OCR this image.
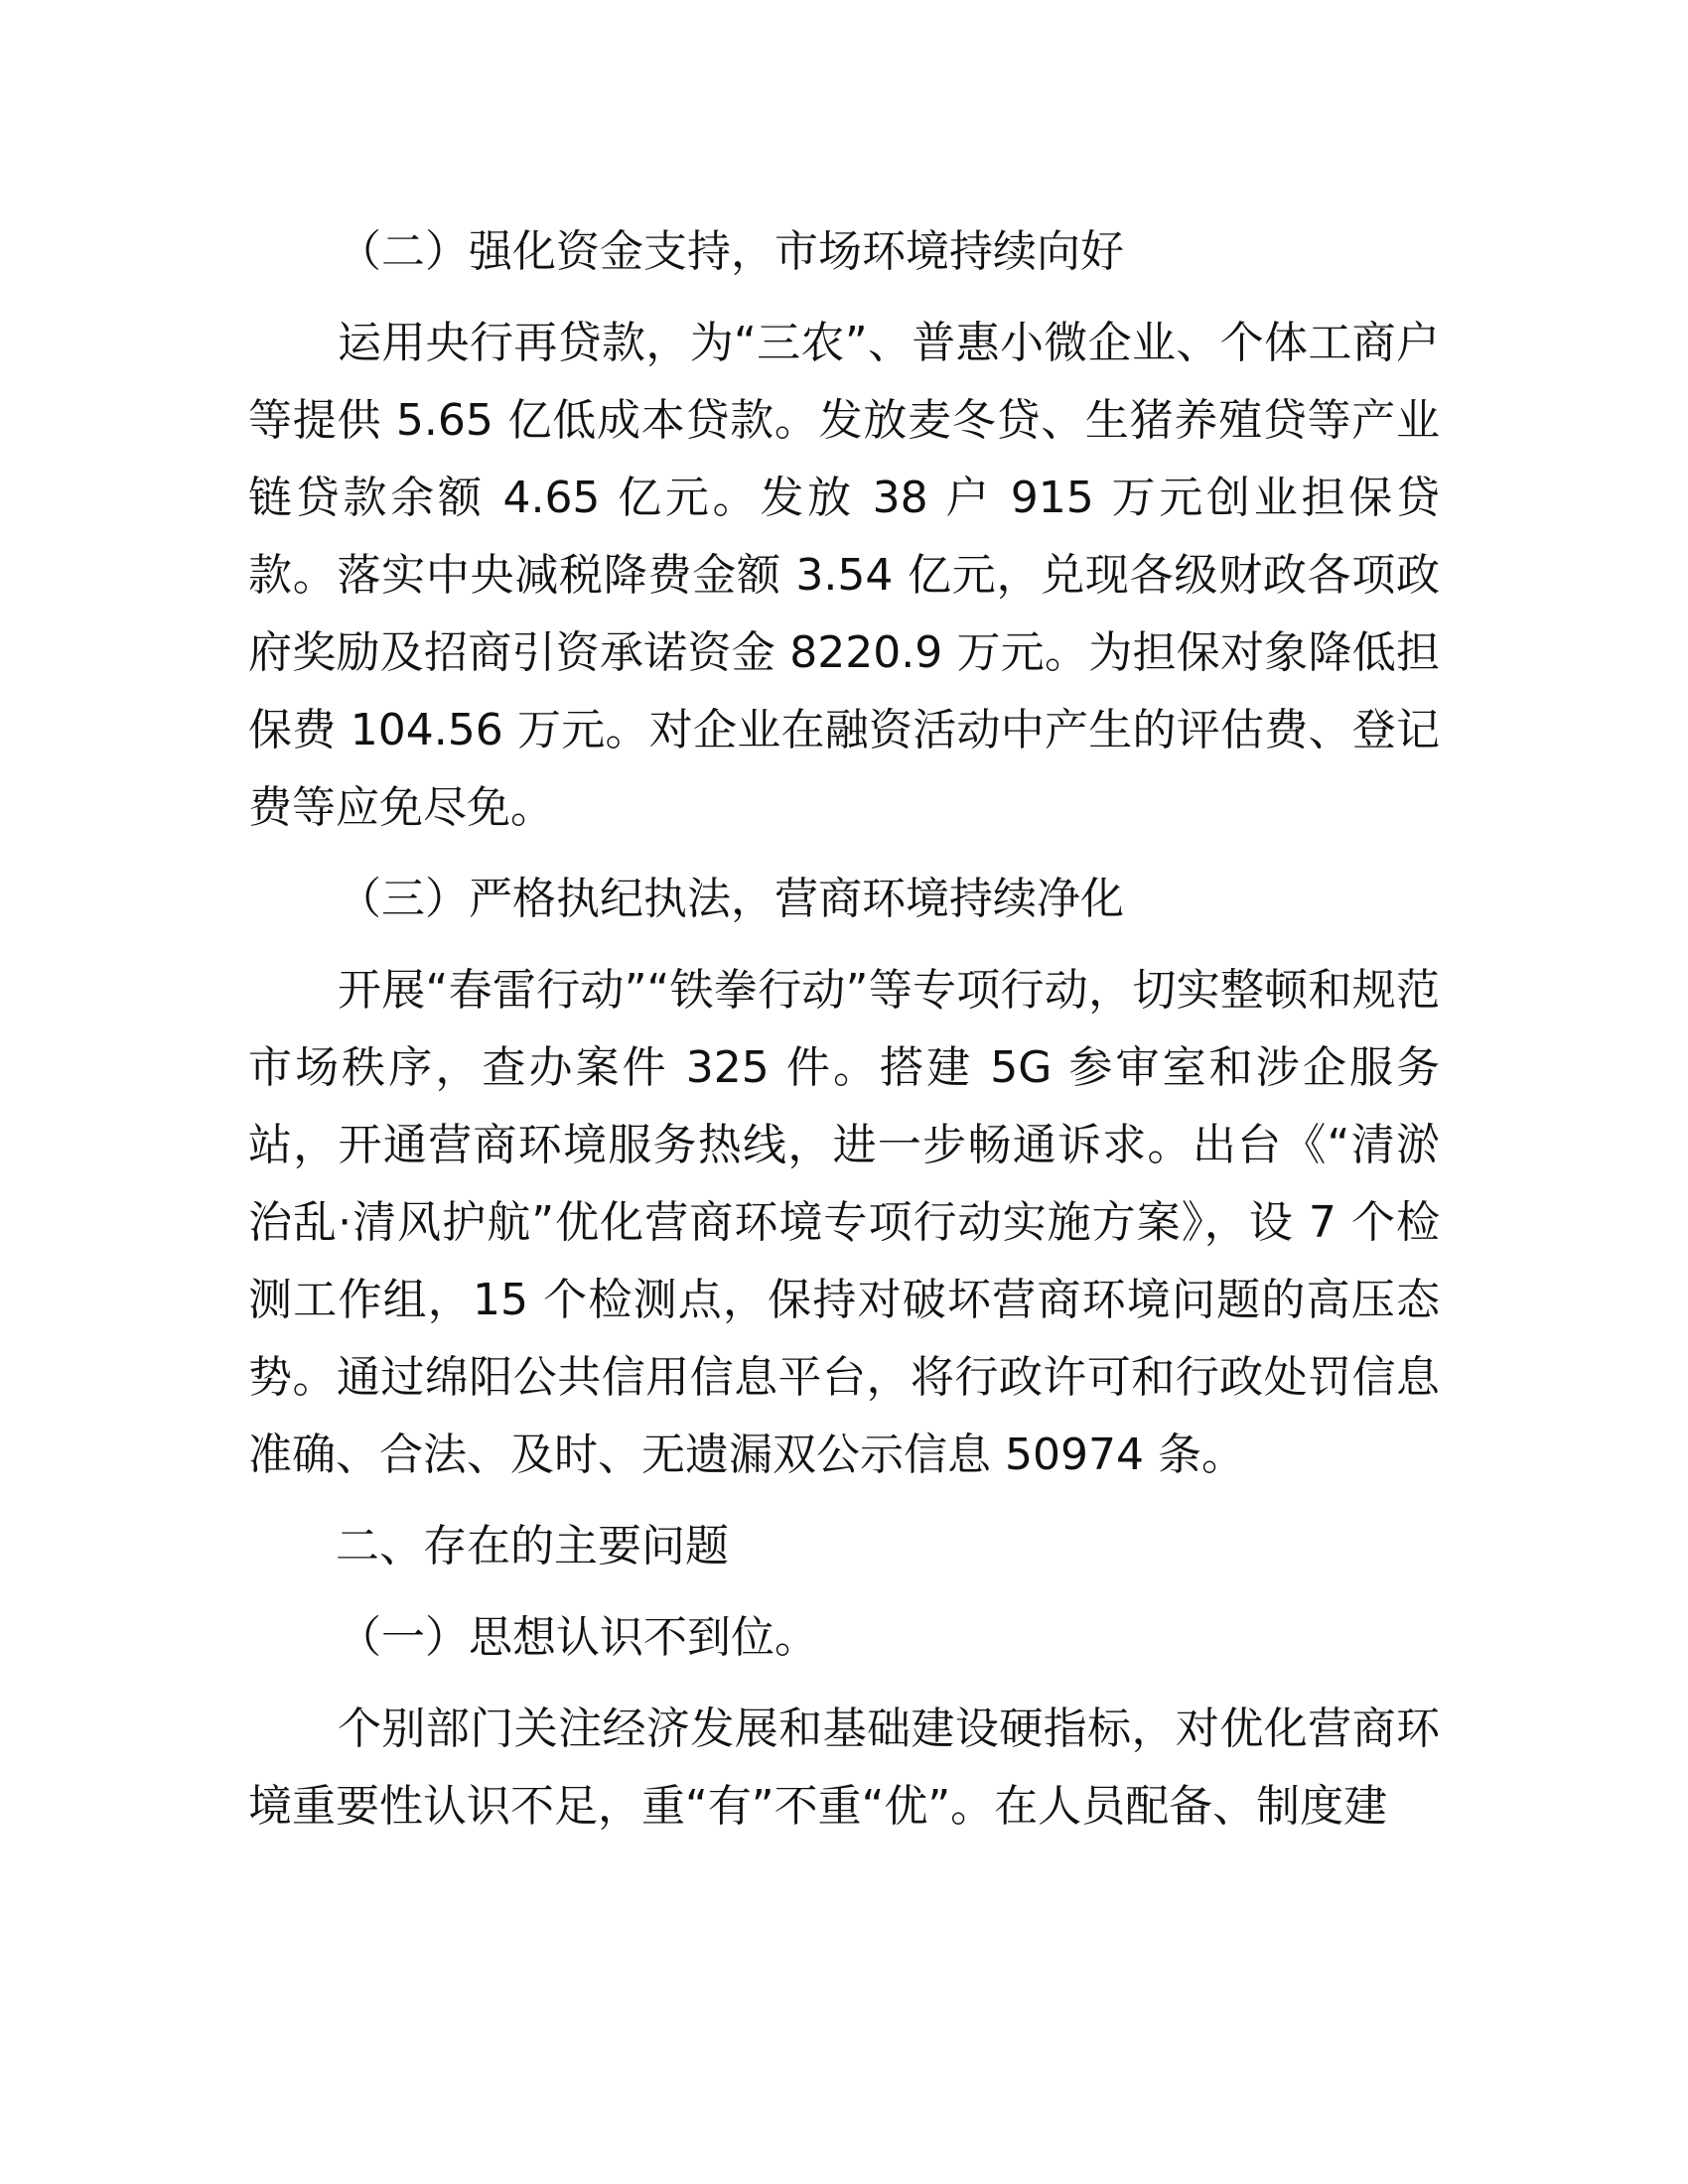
（二）强化资金支持，市场环境持续向好
运用央行再贷款，为“三农”、普惠小微企业、个体工商户等提供 5.65 亿低成本贷款。发放麦冬贷、生猪养殖贷等产业链贷款余额 4.65 亿元。发放 38 户 915 万元创业担保贷款。落实中央减税降费金额 3.54 亿元，兑现各级财政各项政府奖励及招商引资承诺资金 8220.9 万元。为担保对象降低担保费 104.56 万元。对企业在融资活动中产生的评估费、登记费等应免尽免。
（三）严格执纪执法，营商环境持续净化
开展“春雷行动”“铁拳行动”等专项行动，切实整顿和规范市场秩序，查办案件 325 件。搭建 5G 参审室和涉企服务站，开通营商环境服务热线，进一步畅通诉求。出台《“清淤治乱·清风护航”优化营商环境专项行动实施方案》，设 7 个检测工作组，15 个检测点，保持对破坏营商环境问题的高压态势。通过绵阳公共信用信息平台，将行政许可和行政处罚信息准确、合法、及时、无遗漏双公示信息 50974 条。
二、存在的主要问题
（一）思想认识不到位。
个别部门关注经济发展和基础建设硬指标，对优化营商环境重要性认识不足，重“有”不重“优”。在人员配备、制度建
